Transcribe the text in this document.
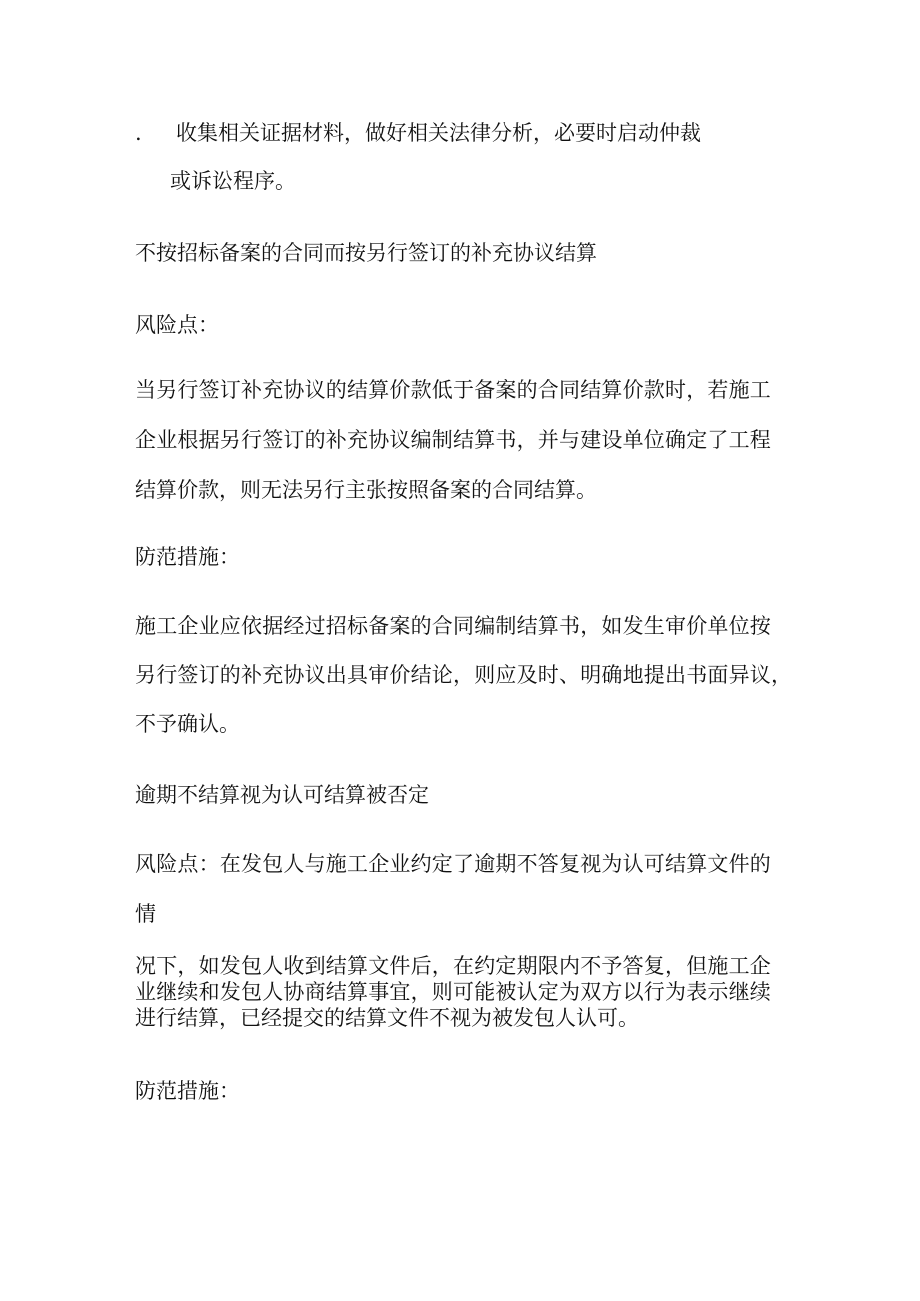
. 收集相关证据材料，做好相关法律分析，必要时启动仲裁
或诉讼程序。
不按招标备案的合同而按另行签订的补充协议结算
风险点：
当另行签订补充协议的结算价款低于备案的合同结算价款时，若施工
企业根据另行签订的补充协议编制结算书，并与建设单位确定了工程
结算价款，则无法另行主张按照备案的合同结算。
防范措施：
施工企业应依据经过招标备案的合同编制结算书，如发生审价单位按
另行签订的补充协议出具审价结论，则应及时、明确地提出书面异议，
不予确认。
逾期不结算视为认可结算被否定
风险点：在发包人与施工企业约定了逾期不答复视为认可结算文件的
情
况下，如发包人收到结算文件后，在约定期限内不予答复，但施工企
业继续和发包人协商结算事宜，则可能被认定为双方以行为表示继续
进行结算，已经提交的结算文件不视为被发包人认可。
防范措施：
